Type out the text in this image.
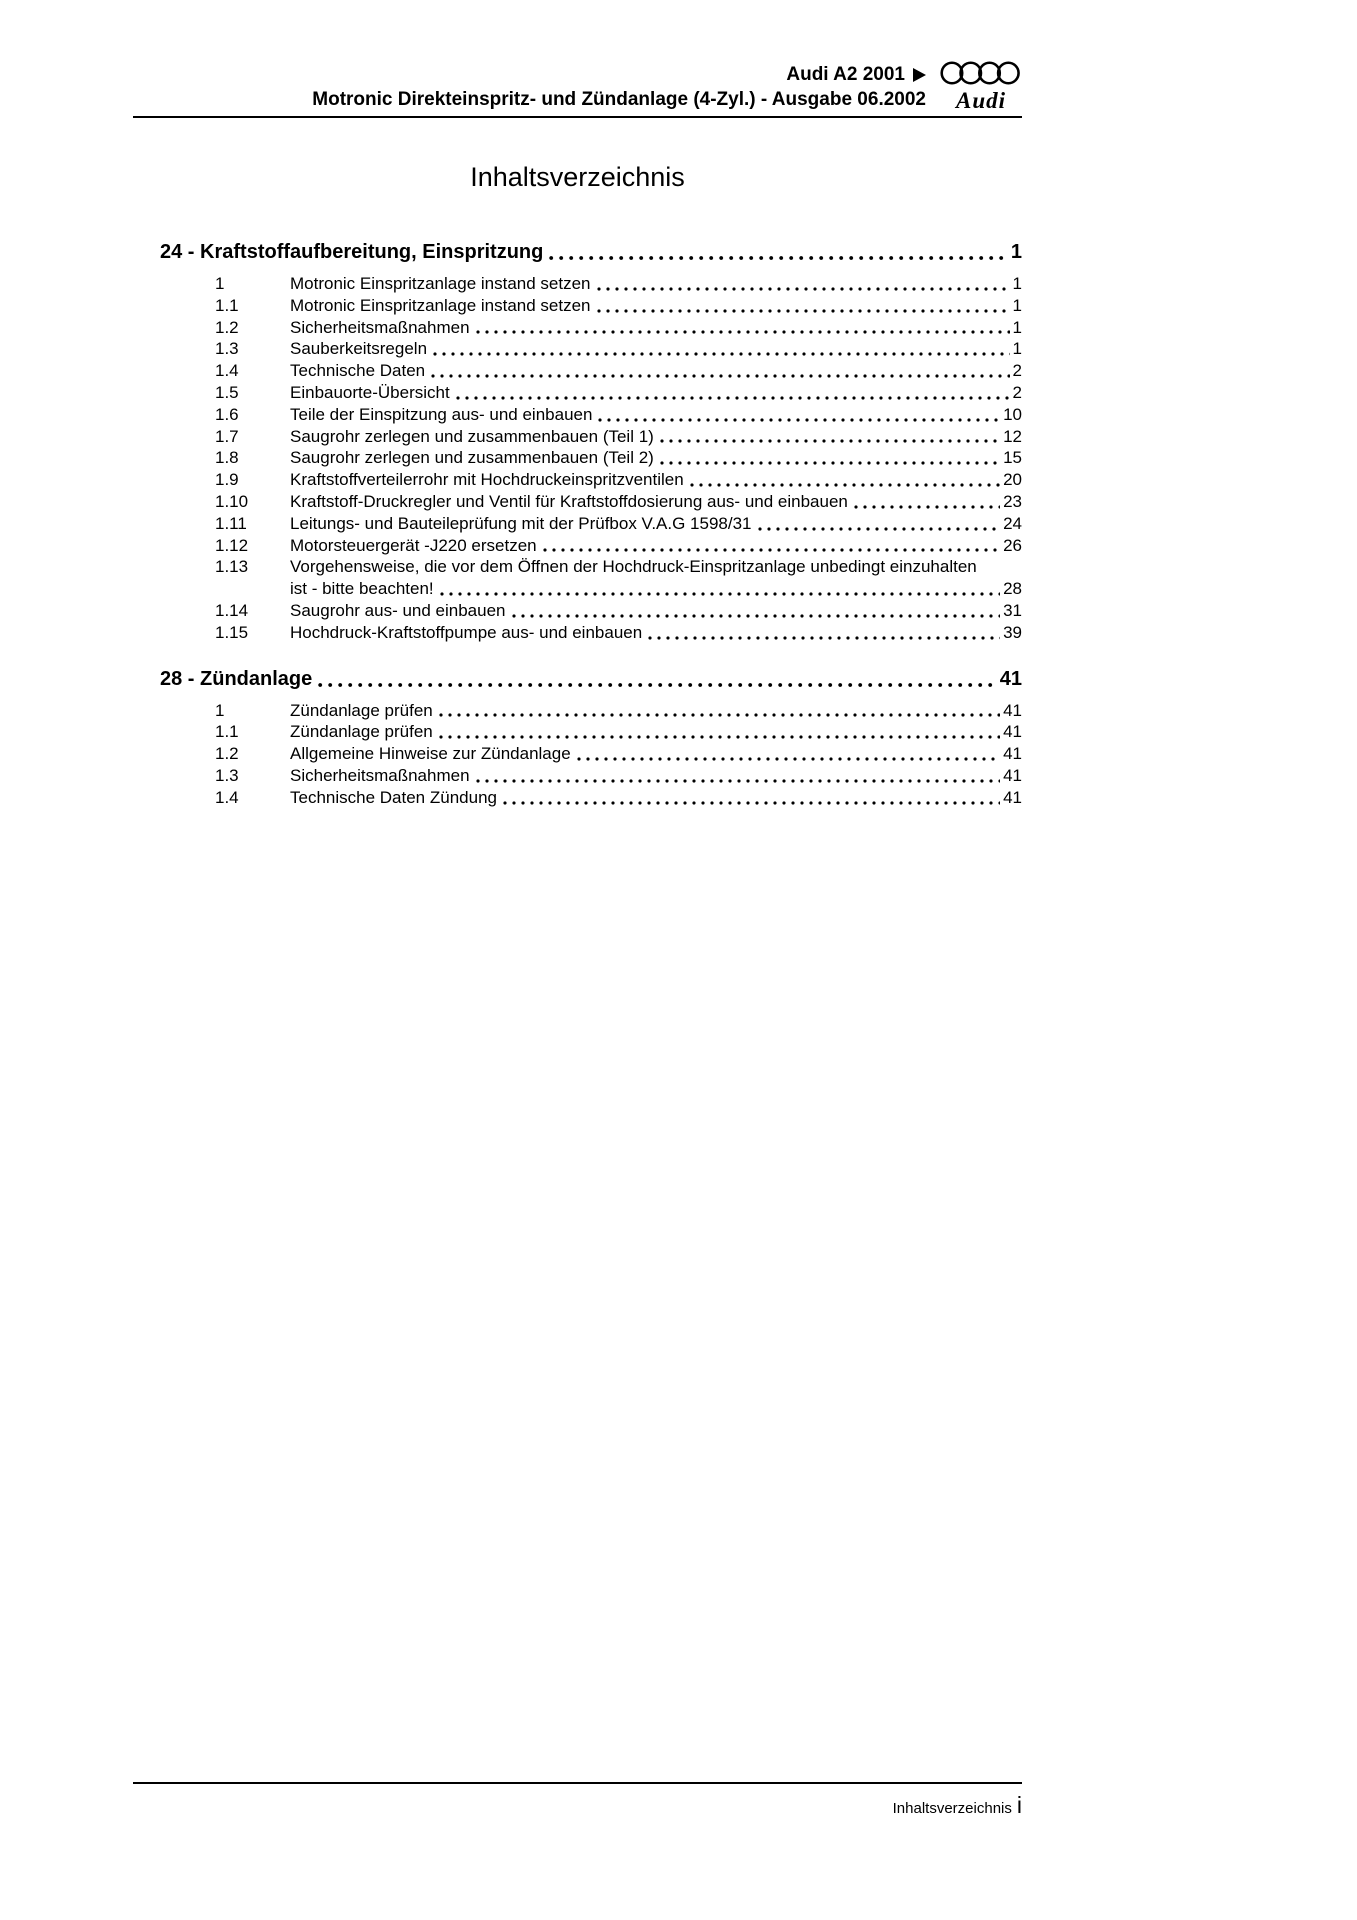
Audi A2 2001
Motronic Direkteinspritz- und Zündanlage (4-Zyl.) - Ausgabe 06.2002 Audi
Inhaltsverzeichnis
24 - Kraftstoffaufbereitung, Einspritzung	1
1	Motronic Einspritzanlage instand setzen	1
1.1	Motronic Einspritzanlage instand setzen	1
1.2	Sicherheitsmaßnahmen	1
1.3	Sauberkeitsregeln	1
1.4	Technische Daten	2
1.5	Einbauorte-Übersicht	2
1.6	Teile der Einspitzung aus- und einbauen	10
1.7	Saugrohr zerlegen und zusammenbauen (Teil 1)	12
1.8	Saugrohr zerlegen und zusammenbauen (Teil 2)	15
1.9	Kraftstoffverteilerrohr mit Hochdruckeinspritzventilen	20
1.10	Kraftstoff-Druckregler und Ventil für Kraftstoffdosierung aus- und einbauen	23
1.11	Leitungs- und Bauteileprüfung mit der Prüfbox V.A.G 1598/31	24
1.12	Motorsteuergerät -J220 ersetzen	26
1.13	Vorgehensweise, die vor dem Öffnen der Hochdruck-Einspritzanlage unbedingt einzuhalten
ist - bitte beachten!	28
1.14	Saugrohr aus- und einbauen	31
1.15	Hochdruck-Kraftstoffpumpe aus- und einbauen	39
28 - Zündanlage	41
1	Zündanlage prüfen	41
1.1	Zündanlage prüfen	41
1.2	Allgemeine Hinweise zur Zündanlage	41
1.3	Sicherheitsmaßnahmen	41
1.4	Technische Daten Zündung	41
Inhaltsverzeichnis i
